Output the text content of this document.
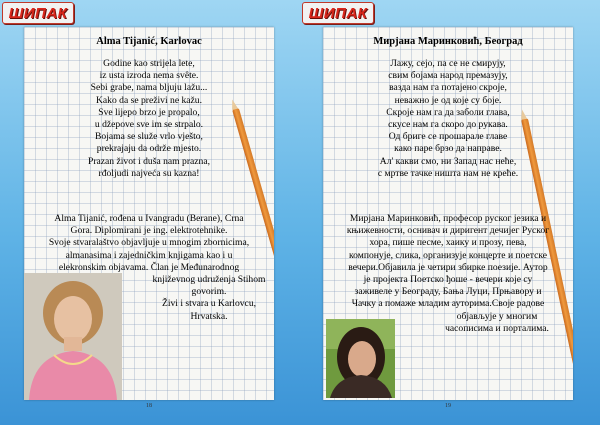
ШИПАК	ШИПАК
Alma Tijanić, Karlovac
Godine kao strijela lete,
iz usta izroda nema svête.
Sebi grabe, nama bljuju lažu...
Kako da se preživi ne kažu.
Sve lijepo brzo je propalo,
u džepove sve im se strpalo.
Bojama se služe vrlo vješto,
prekrajaju da održe mjesto.
Prazan život i duša nam prazna,
rđoljudi najveća su kazna!
Alma Tijanić, rođena u Ivangradu (Berane), Crna
Gora. Diplomirani je ing. elektrotehnike.
Svoje stvaralaštvo objavljuje u mnogim zbornicima,
almanasima i zajedničkim knjigama kao i u
elekronskim objavama. Član je Međunarodnog
književnog udruženja Stihom
govorim.
Živi i stvara u Karlovcu,
Hrvatska.
Мирјана Маринковић, Београд
Лажу, сејо, па се не смирују,
свим бојама народ премазују,
вазда нам га потајено скроје,
неважно је од које су боје.
Скроје нам га да заболи глава,
скусе нам га скоро до рукава.
Од бриге се прошарале главе
како паре брзо да направе.
Ал' какви смо, ни Запад нас неће,
с мртве тачке ништа нам не креће.
Мирјана Маринковић, професор руског језика и
књижевности, оснивач и диригент дечијег Руског
хора, пише песме, хаику и прозу, пева,
компонује, слика, организује концерте и поетске
вечери.Објавила је четири збирке поезије. Аутор
је пројекта Поетско ђоше - вечери које су
заживеле у Београду, Бањa Луци, Прњавору и
Чачку а помаже младим ауторима.Своје радове
објављује у многим
часописима и порталима.
18	19
